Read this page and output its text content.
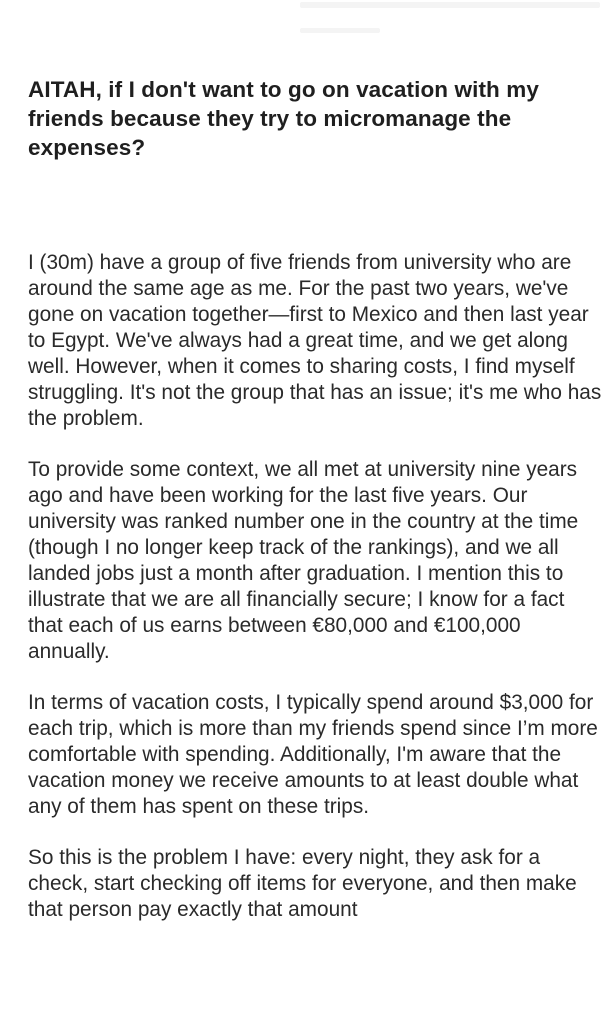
AITAH, if I don't want to go on vacation with my friends because they try to micromanage the expenses?

I (30m) have a group of five friends from university who are around the same age as me. For the past two years, we've gone on vacation together—first to Mexico and then last year to Egypt. We've always had a great time, and we get along well. However, when it comes to sharing costs, I find myself struggling. It's not the group that has an issue; it's me who has the problem.

To provide some context, we all met at university nine years ago and have been working for the last five years. Our university was ranked number one in the country at the time (though I no longer keep track of the rankings), and we all landed jobs just a month after graduation. I mention this to illustrate that we are all financially secure; I know for a fact that each of us earns between €80,000 and €100,000 annually.

In terms of vacation costs, I typically spend around $3,000 for each trip, which is more than my friends spend since I’m more comfortable with spending. Additionally, I'm aware that the vacation money we receive amounts to at least double what any of them has spent on these trips.

So this is the problem I have: every night, they ask for a check, start checking off items for everyone, and then make that person pay exactly that amount
